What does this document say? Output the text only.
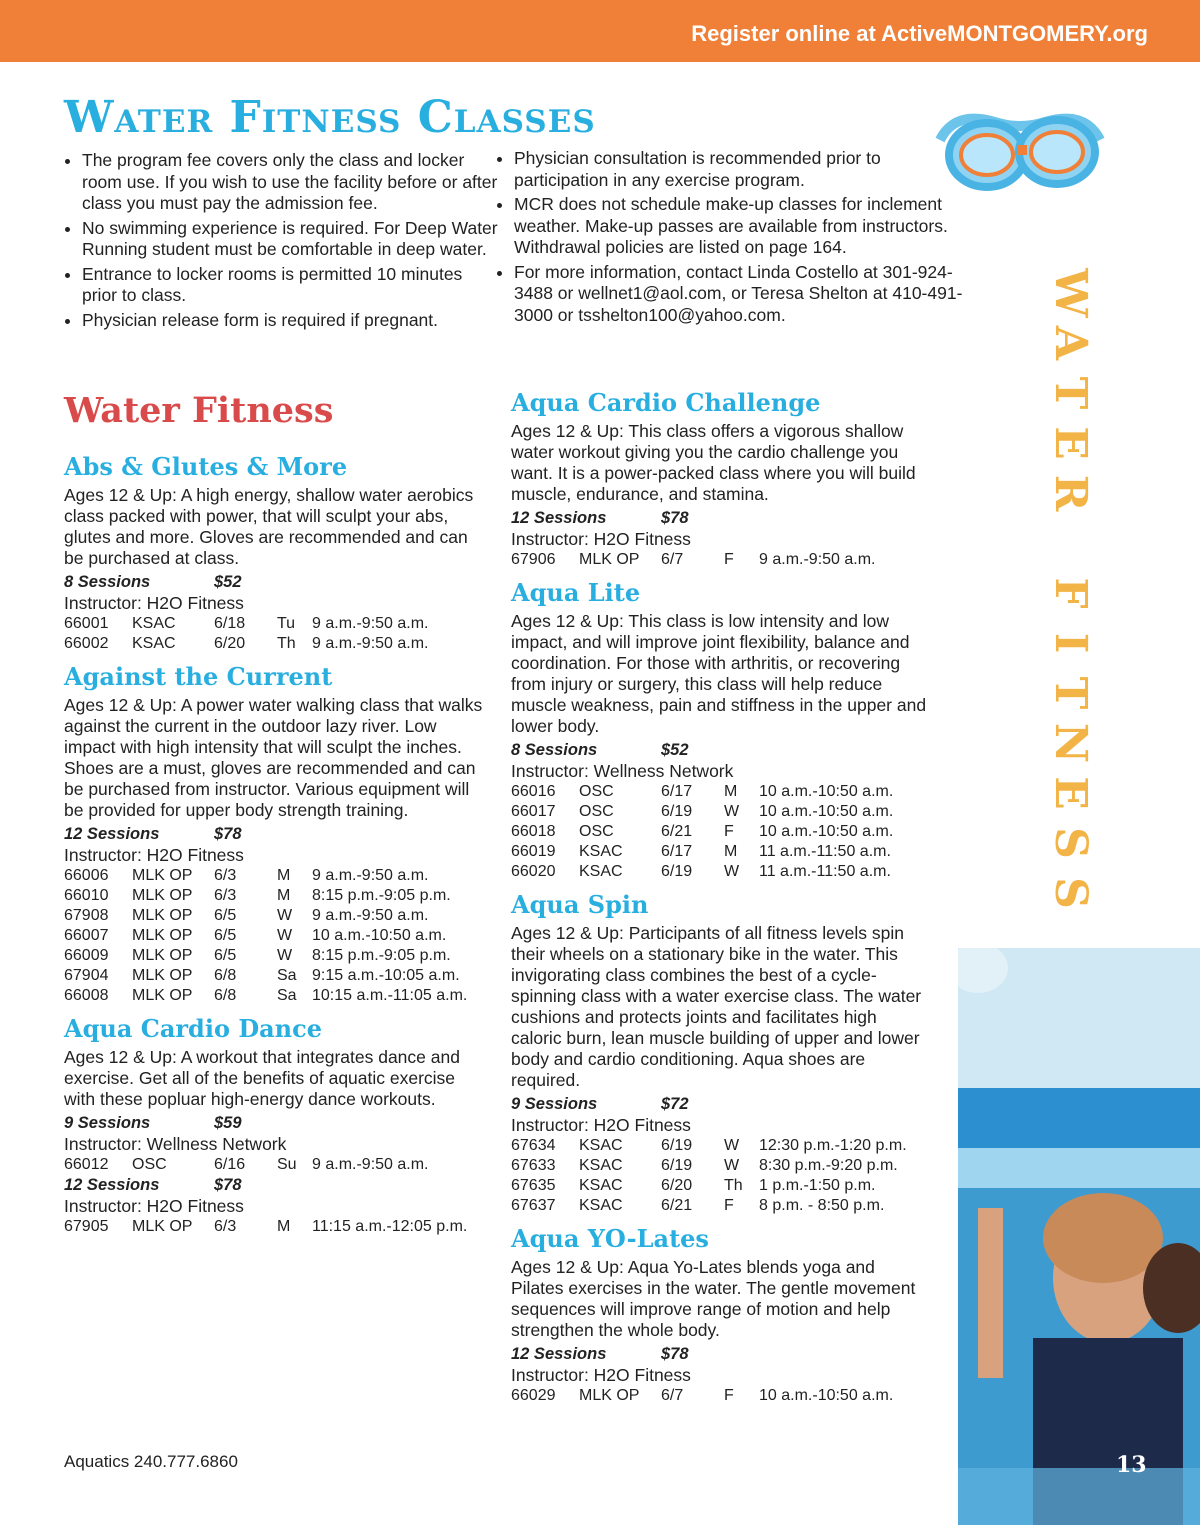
Register online at ActiveMONTGOMERY.org
Water Fitness Classes
• The program fee covers only the class and locker room use. If you wish to use the facility before or after class you must pay the admission fee.
• No swimming experience is required. For Deep Water Running student must be comfortable in deep water.
• Entrance to locker rooms is permitted 10 minutes prior to class.
• Physician release form is required if pregnant.
• Physician consultation is recommended prior to participation in any exercise program.
• MCR does not schedule make-up classes for inclement weather. Make-up passes are available from instructors. Withdrawal policies are listed on page 164.
• For more information, contact Linda Costello at 301-924-3488 or wellnet1@aol.com, or Teresa Shelton at 410-491-3000 or tsshelton100@yahoo.com.
Water Fitness
Abs & Glutes & More

Ages 12 & Up: A high energy, shallow water aerobics class packed with power, that will sculpt your abs, glutes and more. Gloves are recommended and can be purchased at class.

8 Sessions	$52
Instructor: H2O Fitness
66001 KSAC 6/18 Tu 9 a.m.-9:50 a.m.
66002 KSAC 6/20 Th 9 a.m.-9:50 a.m.
Against the Current

Ages 12 & Up: A power water walking class that walks against the current in the outdoor lazy river. Low impact with high intensity that will sculpt the inches. Shoes are a must, gloves are recommended and can be purchased from instructor. Various equipment will be provided for upper body strength training.

12 Sessions	$78
Instructor: H2O Fitness
66006 MLK OP 6/3	M 9 a.m.-9:50 a.m.
66010 MLK OP 6/3	M 8:15 p.m.-9:05 p.m.
67908 MLK OP 6/5	W 9 a.m.-9:50 a.m.
66007 MLK OP 6/5	W 10 a.m.-10:50 a.m.
66009 MLK OP 6/5	W 8:15 p.m.-9:05 p.m.
67904 MLK OP 6/8	Sa 9:15 a.m.-10:05 a.m.
66008 MLK OP 6/8	Sa 10:15 a.m.-11:05 a.m.
Aqua Cardio Dance

Ages 12 & Up: A workout that integrates dance and exercise. Get all of the benefits of aquatic exercise with these popluar high-energy dance workouts.

9 Sessions	$59
Instructor: Wellness Network
66012 OSC	6/16 Su 9 a.m.-9:50 a.m.
12 Sessions	$78
Instructor: H2O Fitness
67905 MLK OP 6/3	M 11:15 a.m.-12:05 p.m.
Aqua Cardio Challenge

Ages 12 & Up: This class offers a vigorous shallow water workout giving you the cardio challenge you want. It is a power-packed class where you will build muscle, endurance, and stamina.

12 Sessions	$78
Instructor: H2O Fitness
67906 MLK OP 6/7	F 9 a.m.-9:50 a.m.
Aqua Lite

Ages 12 & Up: This class is low intensity and low impact, and will improve joint flexibility, balance and coordination. For those with arthritis, or recovering from injury or surgery, this class will help reduce muscle weakness, pain and stiffness in the upper and lower body.

8 Sessions	$52
Instructor: Wellness Network
66016 OSC	6/17 M 10 a.m.-10:50 a.m.
66017 OSC	6/19 W 10 a.m.-10:50 a.m.
66018 OSC	6/21 F 10 a.m.-10:50 a.m.
66019 KSAC 6/17 M 11 a.m.-11:50 a.m.
66020 KSAC 6/19 W 11 a.m.-11:50 a.m.
Aqua Spin

Ages 12 & Up: Participants of all fitness levels spin their wheels on a stationary bike in the water. This invigorating class combines the best of a cycle-spinning class with a water exercise class. The water cushions and protects joints and facilitates high caloric burn, lean muscle building of upper and lower body and cardio conditioning. Aqua shoes are required.

9 Sessions	$72
Instructor: H2O Fitness
67634 KSAC 6/19 W 12:30 p.m.-1:20 p.m.
67633 KSAC 6/19 W 8:30 p.m.-9:20 p.m.
67635 KSAC 6/20 Th 1 p.m.-1:50 p.m.
67637 KSAC 6/21 F 8 p.m. - 8:50 p.m.
Aqua YO-Lates

Ages 12 & Up: Aqua Yo-Lates blends yoga and Pilates exercises in the water. The gentle movement sequences will improve range of motion and help strengthen the whole body.

12 Sessions	$78
Instructor: H2O Fitness
66029 MLK OP 6/7	F 10 a.m.-10:50 a.m.
W
A
T
E
R

F
I
T
N
E
S
S
Aquatics 240.777.6860	13
